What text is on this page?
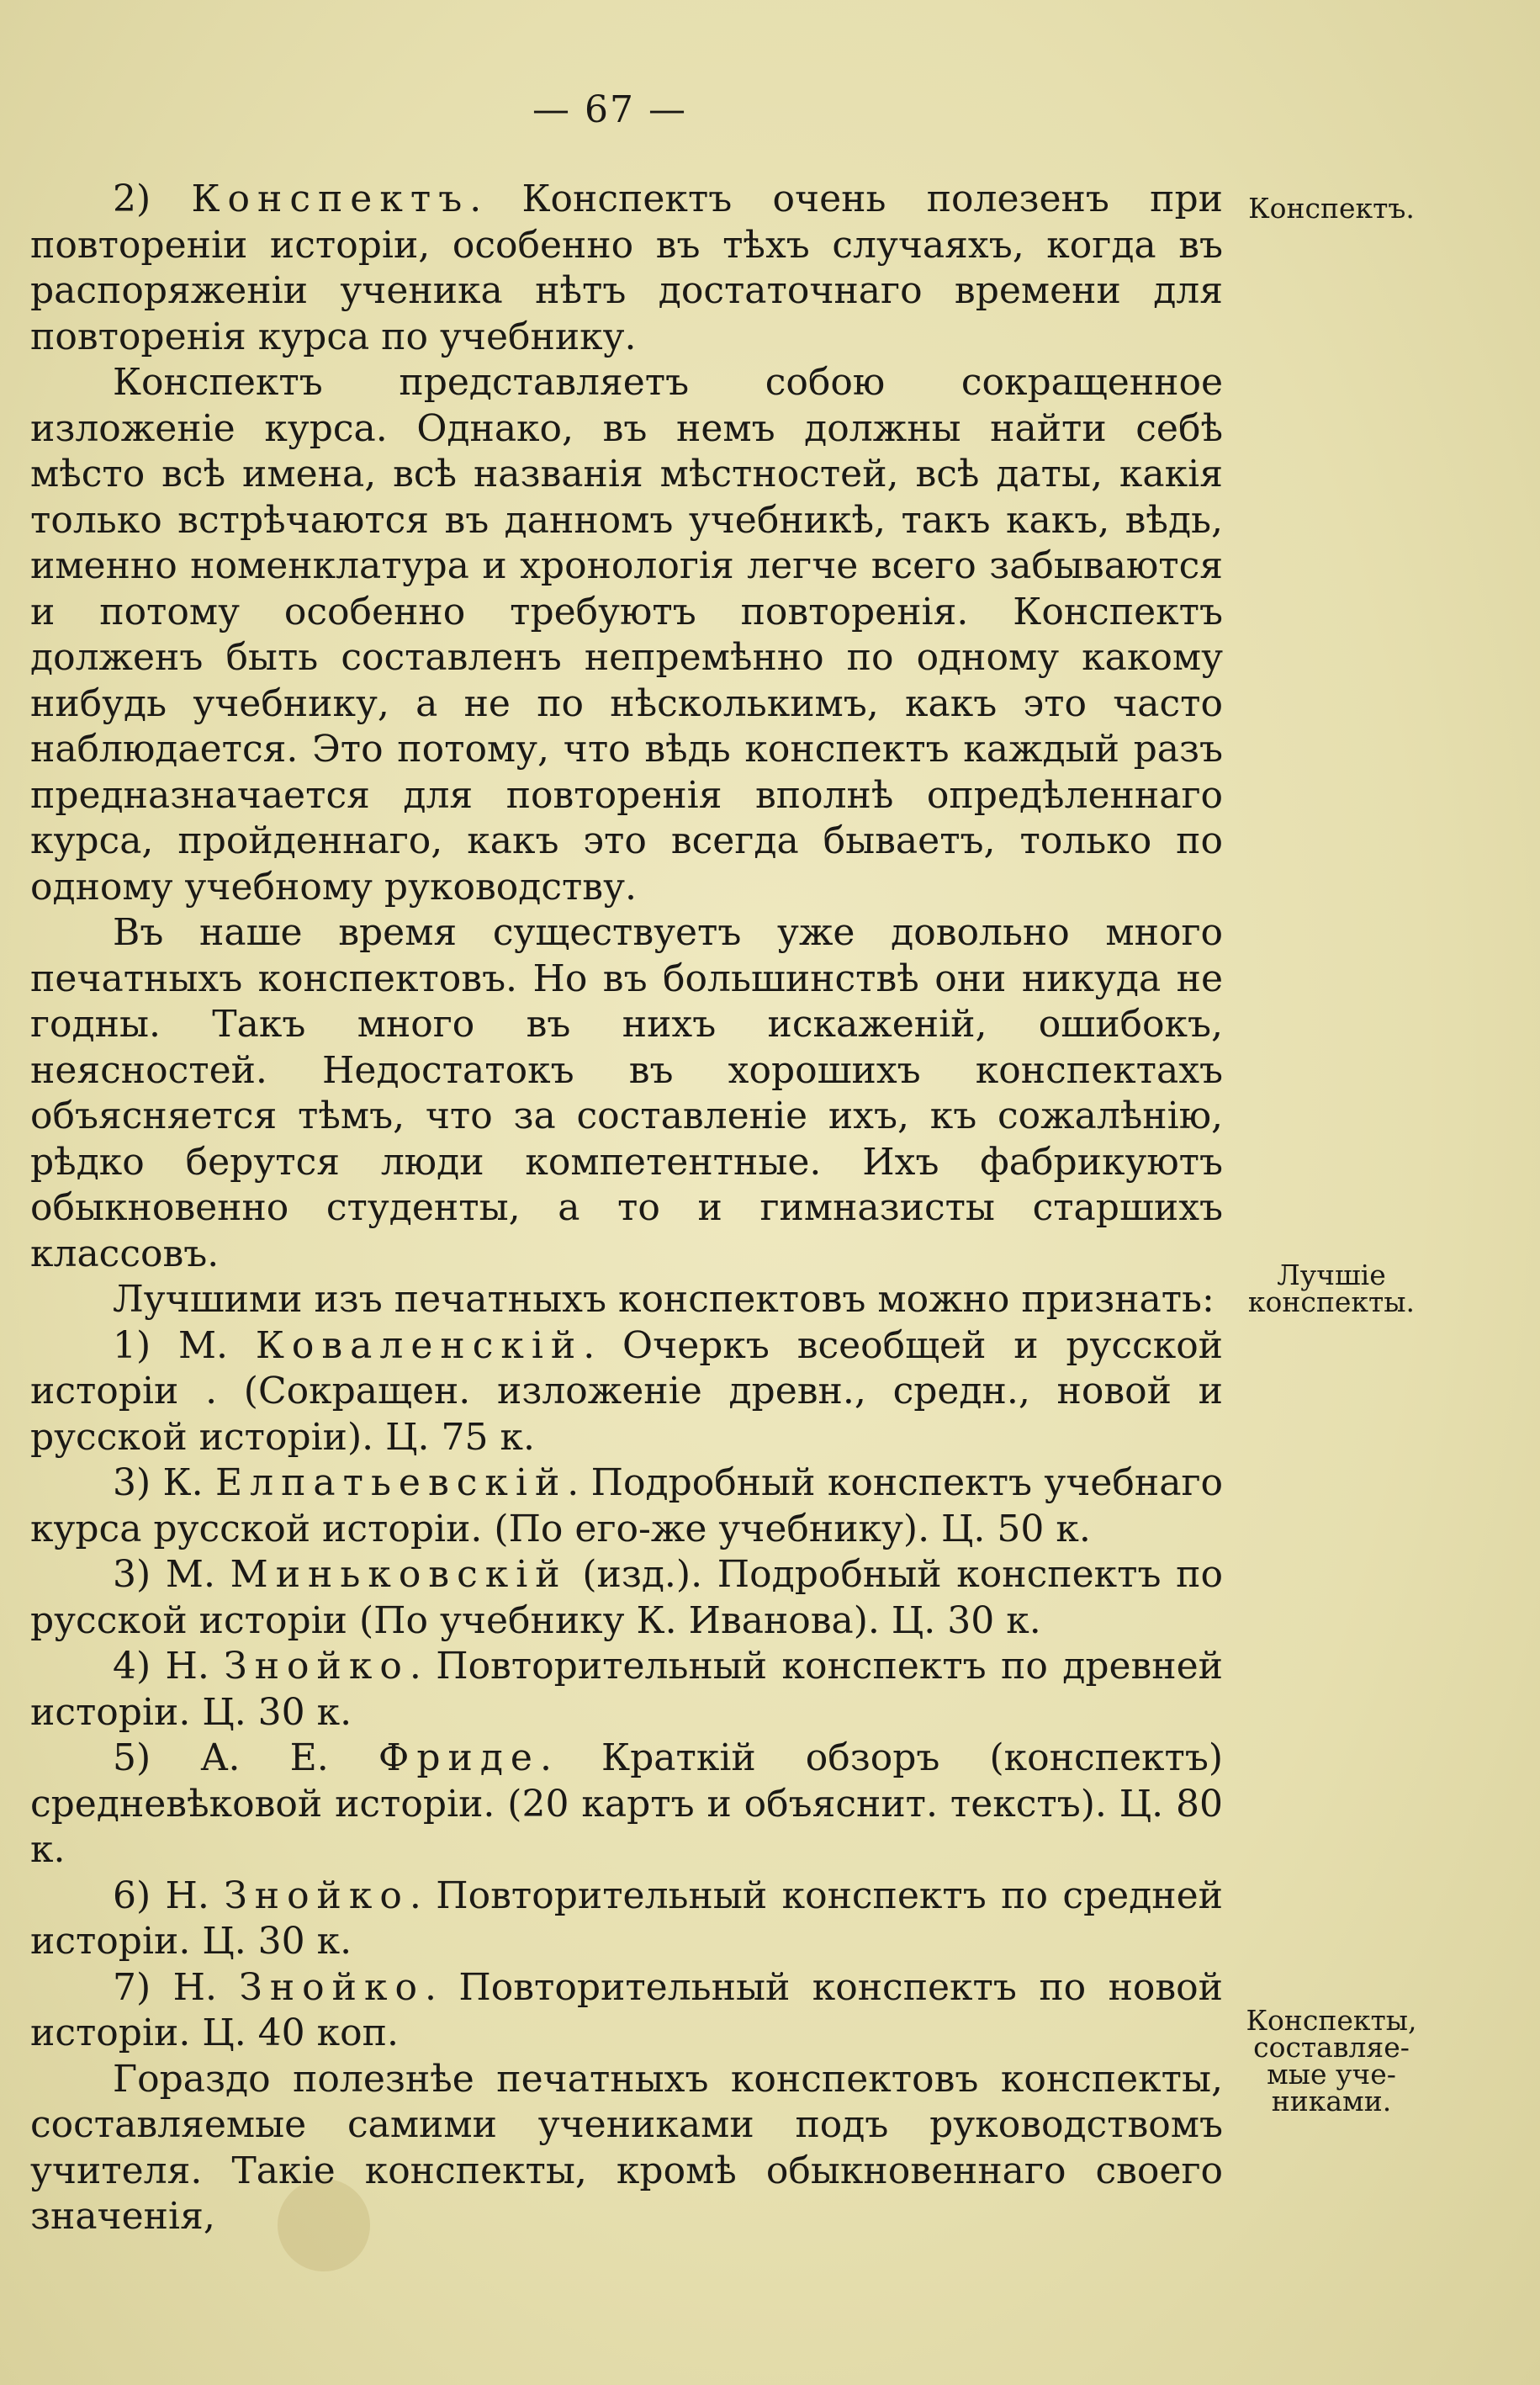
— 67 —

2) Конспектъ. Конспектъ очень полезенъ при повтореніи исторіи, особенно въ тѣхъ случаяхъ, когда въ распоряженіи ученика нѣтъ достаточнаго времени для повторенія курса по учебнику.

Конспектъ представляетъ собою сокращенное изложеніе курса. Однако, въ немъ должны найти себѣ мѣсто всѣ имена, всѣ названія мѣстностей, всѣ даты, какія только встрѣчаются въ данномъ учебникѣ, такъ какъ, вѣдь, именно номенклатура и хронологія легче всего забываются и потому особенно требуютъ повторенія. Конспектъ долженъ быть составленъ непремѣнно по одному какому нибудь учебнику, а не по нѣсколькимъ, какъ это часто наблюдается. Это потому, что вѣдь конспектъ каждый разъ предназначается для повторенія вполнѣ опредѣленнаго курса, пройденнаго, какъ это всегда бываетъ, только по одному учебному руководству.

Въ наше время существуетъ уже довольно много печатныхъ конспектовъ. Но въ большинствѣ они никуда не годны. Такъ много въ нихъ искаженій, ошибокъ, неясностей. Недостатокъ въ хорошихъ конспектахъ объясняется тѣмъ, что за составленіе ихъ, къ сожалѣнію, рѣдко берутся люди компетентные. Ихъ фабрикуютъ обыкновенно студенты, а то и гимназисты старшихъ классовъ.

Лучшими изъ печатныхъ конспектовъ можно признать:

1) М. Коваленскій. Очеркъ всеобщей и русской исторіи . (Сокращен. изложеніе древн., средн., новой и русской исторіи). Ц. 75 к.

3) К. Елпатьевскій. Подробный конспектъ учебнаго курса русской исторіи. (По его-же учебнику). Ц. 50 к.

3) М. Миньковскій (изд.). Подробный конспектъ по русской исторіи (По учебнику К. Иванова). Ц. 30 к.

4) Н. Знойко. Повторительный конспектъ по древней исторіи. Ц. 30 к.

5) А. Е. Фриде. Краткій обзоръ (конспектъ) средневѣковой исторіи. (20 картъ и объяснит. текстъ). Ц. 80 к.

6) Н. Знойко. Повторительный конспектъ по средней исторіи. Ц. 30 к.

7) Н. Знойко. Повторительный конспектъ по новой исторіи. Ц. 40 коп.

Гораздо полезнѣе печатныхъ конспектовъ конспекты, составляемые самими учениками подъ руководствомъ учителя. Такіе конспекты, кромѣ обыкновеннаго своего значенія,

Конспектъ.
Лучшіе
конспекты.
Конспекты,
составляе-
мые уче-
никами.
